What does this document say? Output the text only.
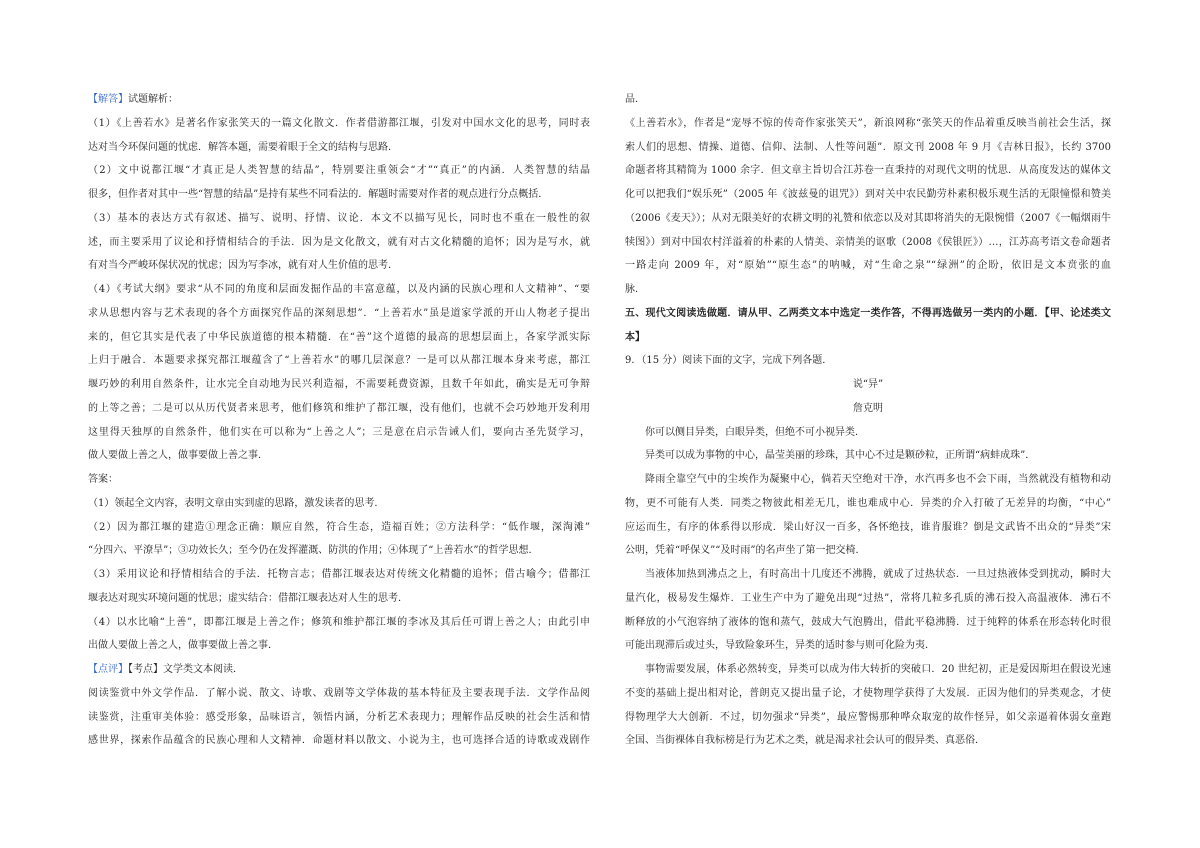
【解答】试题解析：
（1）《上善若水》是著名作家张笑天的一篇文化散文．作者借游都江堰，引发对中国水文化的思考，同时表
达对当今环保问题的忧虑．解答本题，需要着眼于全文的结构与思路．
（2）文中说都江堰“才真正是人类智慧的结晶”，特别要注重领会“才”“真正”的内涵．人类智慧的结晶
很多，但作者对其中一些“智慧的结晶”是持有某些不同看法的．解题时需要对作者的观点进行分点概括．
（3）基本的表达方式有叙述、描写、说明、抒情、议论．本文不以描写见长，同时也不重在一般性的叙
述，而主要采用了议论和抒情相结合的手法．因为是文化散文，就有对古文化精髓的追怀；因为是写水，就
有对当今严峻环保状况的忧虑；因为写李冰，就有对人生价值的思考．
（4）《考试大纲》要求“从不同的角度和层面发掘作品的丰富意蕴，以及内涵的民族心理和人文精神”、“要
求从思想内容与艺术表现的各个方面探究作品的深刻思想”．“上善若水”虽是道家学派的开山人物老子提出
来的，但它其实是代表了中华民族道德的根本精髓．在“善”这个道德的最高的思想层面上，各家学派实际
上归于融合．本题要求探究都江堰蕴含了“上善若水”的哪几层深意？一是可以从都江堰本身来考虑，都江
堰巧妙的利用自然条件，让水完全自动地为民兴利造福，不需要耗费资源，且数千年如此，确实是无可争辩
的上等之善；二是可以从历代贤者来思考，他们修筑和维护了都江堰，没有他们，也就不会巧妙地开发利用
这里得天独厚的自然条件，他们实在可以称为“上善之人”；三是意在启示告诫人们，要向古圣先贤学习，
做人要做上善之人，做事要做上善之事．
答案：
（1）领起全文内容，表明文章由实到虚的思路，激发读者的思考．
（2）因为都江堰的建造①理念正确：顺应自然，符合生态，造福百姓；②方法科学：“低作堰，深淘滩”
“分四六、平潦旱”；③功效长久；至今仍在发挥灌溉、防洪的作用；④体现了“上善若水”的哲学思想．
（3）采用议论和抒情相结合的手法．托物言志；借都江堰表达对传统文化精髓的追怀；借古喻今；借都江
堰表达对现实环境问题的忧思；虚实结合：借都江堰表达对人生的思考．
（4）以水比喻“上善”，即都江堰是上善之作；修筑和维护都江堰的李冰及其后任可谓上善之人；由此引申
出做人要做上善之人，做事要做上善之事．
【点评】【考点】文学类文本阅读．
阅读鉴赏中外文学作品．了解小说、散文、诗歌、戏剧等文学体裁的基本特征及主要表现手法．文学作品阅
读鉴赏，注重审美体验：感受形象，品味语言，领悟内涵，分析艺术表现力；理解作品反映的社会生活和情
感世界，探索作品蕴含的民族心理和人文精神．命题材料以散文、小说为主，也可选择合适的诗歌或戏剧作
品．
《上善若水》，作者是“宠辱不惊的传奇作家张笑天”，新浪网称“张笑天的作品着重反映当前社会生活，探
索人们的思想、情操、道德、信仰、法制、人性等问题”．原文刊 2008 年 9 月《吉林日报》，长约 3700
命题者将其精简为 1000 余字．但文章主旨切合江苏卷一直秉持的对现代文明的忧思．从高度发达的媒体文
化可以把我们“娱乐死”（2005 年《波兹曼的诅咒》）到对关中农民勤劳朴素积极乐观生活的无限憧憬和赞美
（2006《麦天》）；从对无限美好的农耕文明的礼赞和依恋以及对其即将消失的无限惋惜（2007《一幅烟雨牛
犊图》）到对中国农村洋溢着的朴素的人情美、亲情美的讴歌（2008《侯银匠》）…，江苏高考语文卷命题者
一路走向 2009 年，对“原始”“原生态”的呐喊，对“生命之泉”“绿洲”的企盼，依旧是文本贲张的血
脉．
五、现代文阅读选做题．请从甲、乙两类文本中选定一类作答，不得再选做另一类内的小题．【甲、论述类文
本】
9．（15 分）阅读下面的文字，完成下列各题．
说“异”
詹克明
你可以侧目异类，白眼异类，但绝不可小视异类．
异类可以成为事物的中心，晶莹美丽的珍珠，其中心不过是颗砂粒，正所谓“病蚌成珠”．
降雨全靠空气中的尘埃作为凝聚中心，倘若天空绝对干净，水汽再多也不会下雨，当然就没有植物和动
物，更不可能有人类．同类之物彼此相差无几，谁也难成中心．异类的介入打破了无差异的均衡，“中心”
应运而生，有序的体系得以形成．梁山好汉一百多，各怀绝技，谁肯服谁？倒是文武皆不出众的“异类”宋
公明，凭着“呼保义”“及时雨”的名声坐了第一把交椅．
当液体加热到沸点之上，有时高出十几度还不沸腾，就成了过热状态．一旦过热液体受到扰动，瞬时大
量汽化，极易发生爆炸．工业生产中为了避免出现“过热”，常将几粒多孔质的沸石投入高温液体．沸石不
断释放的小气泡容纳了液体的饱和蒸气，鼓成大气泡腾出，借此平稳沸腾．过于纯粹的体系在形态转化时很
可能出现滞后或过头，导致险象环生，异类的适时参与则可化险为夷．
事物需要发展，体系必然转变，异类可以成为伟大转折的突破口．20 世纪初，正是爱因斯坦在假设光速
不变的基础上提出相对论，普朗克又提出量子论，才使物理学获得了大发展．正因为他们的异类观念，才使
得物理学大大创新．不过，切勿强求“异类”，最应警惕那种哗众取宠的故作怪异，如父亲逼着体弱女童跑
全国、当街裸体自我标榜是行为艺术之类，就是渴求社会认可的假异类、真恶俗．
